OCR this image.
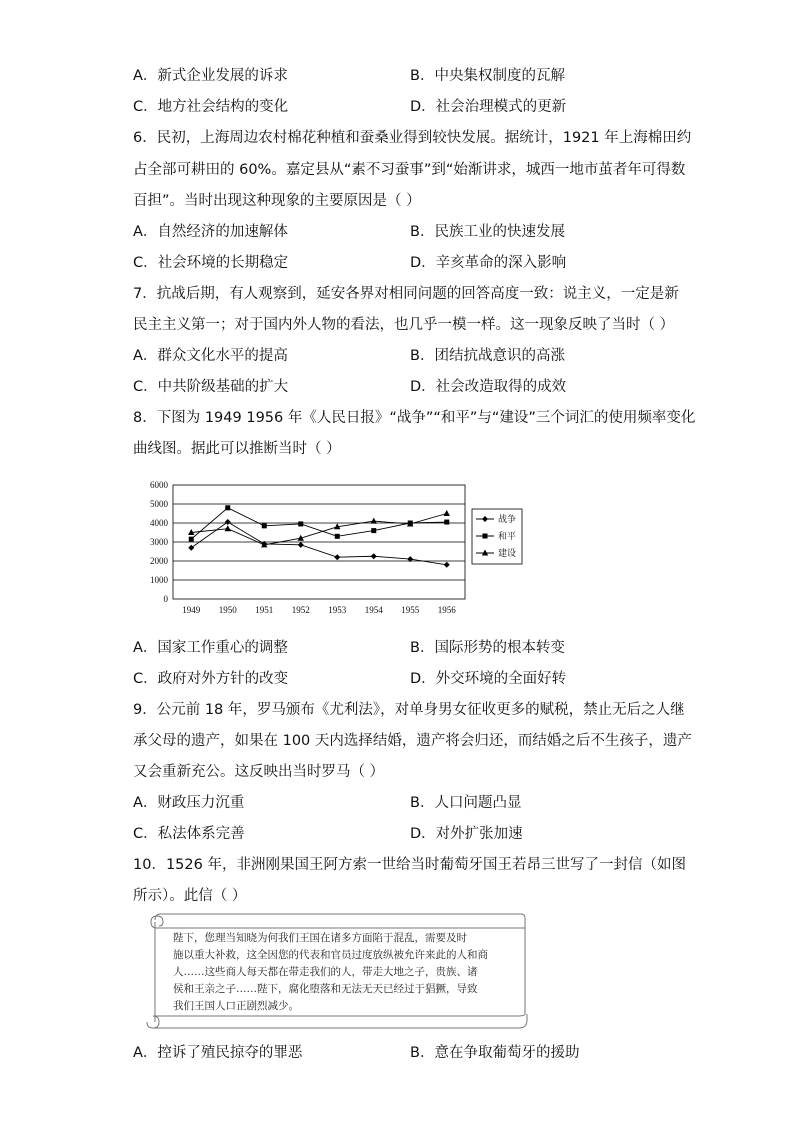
A．新式企业发展的诉求	B．中央集权制度的瓦解
C．地方社会结构的变化	D．社会治理模式的更新
6．民初，上海周边农村棉花种植和蚕桑业得到较快发展。据统计，1921 年上海棉田约
占全部可耕田的 60%。嘉定县从“素不习蚕事”到“始渐讲求，城西一地市茧者年可得数
百担”。当时出现这种现象的主要原因是（ ）
A．自然经济的加速解体	B．民族工业的快速发展
C．社会环境的长期稳定	D．辛亥革命的深入影响
7．抗战后期，有人观察到，延安各界对相同问题的回答高度一致：说主义，一定是新
民主主义第一；对于国内外人物的看法，也几乎一模一样。这一现象反映了当时（ ）
A．群众文化水平的提高	B．团结抗战意识的高涨
C．中共阶级基础的扩大	D．社会改造取得的成效
8．下图为 1949 1956 年《人民日报》“战争”“和平”与“建设”三个词汇的使用频率变化
曲线图。据此可以推断当时（ ）
0
1000
2000
3000
4000
5000
6000
1949 1950 1951 1952 1953 1954 1955 1956
战争
和平
建设
A．国家工作重心的调整	B．国际形势的根本转变
C．政府对外方针的改变	D．外交环境的全面好转
9．公元前 18 年，罗马颁布《尤利法》，对单身男女征收更多的赋税，禁止无后之人继
承父母的遗产，如果在 100 天内选择结婚，遗产将会归还，而结婚之后不生孩子，遗产
又会重新充公。这反映出当时罗马（ ）
A．财政压力沉重	B．人口问题凸显
C．私法体系完善	D．对外扩张加速
10．1526 年，非洲刚果国王阿方索一世给当时葡萄牙国王若昂三世写了一封信（如图
所示）。此信（ ）
陛下，您理当知晓为何我们王国在诸多方面陷于混乱，需要及时
施以重大补救，这全因您的代表和官员过度放纵被允许来此的人和商
人……这些商人每天都在带走我们的人，带走大地之子，贵族、诸
侯和王亲之子……陛下，腐化堕落和无法无天已经过于猖獗，导致
我们王国人口正剧烈减少。
A．控诉了殖民掠夺的罪恶	B．意在争取葡萄牙的援助
